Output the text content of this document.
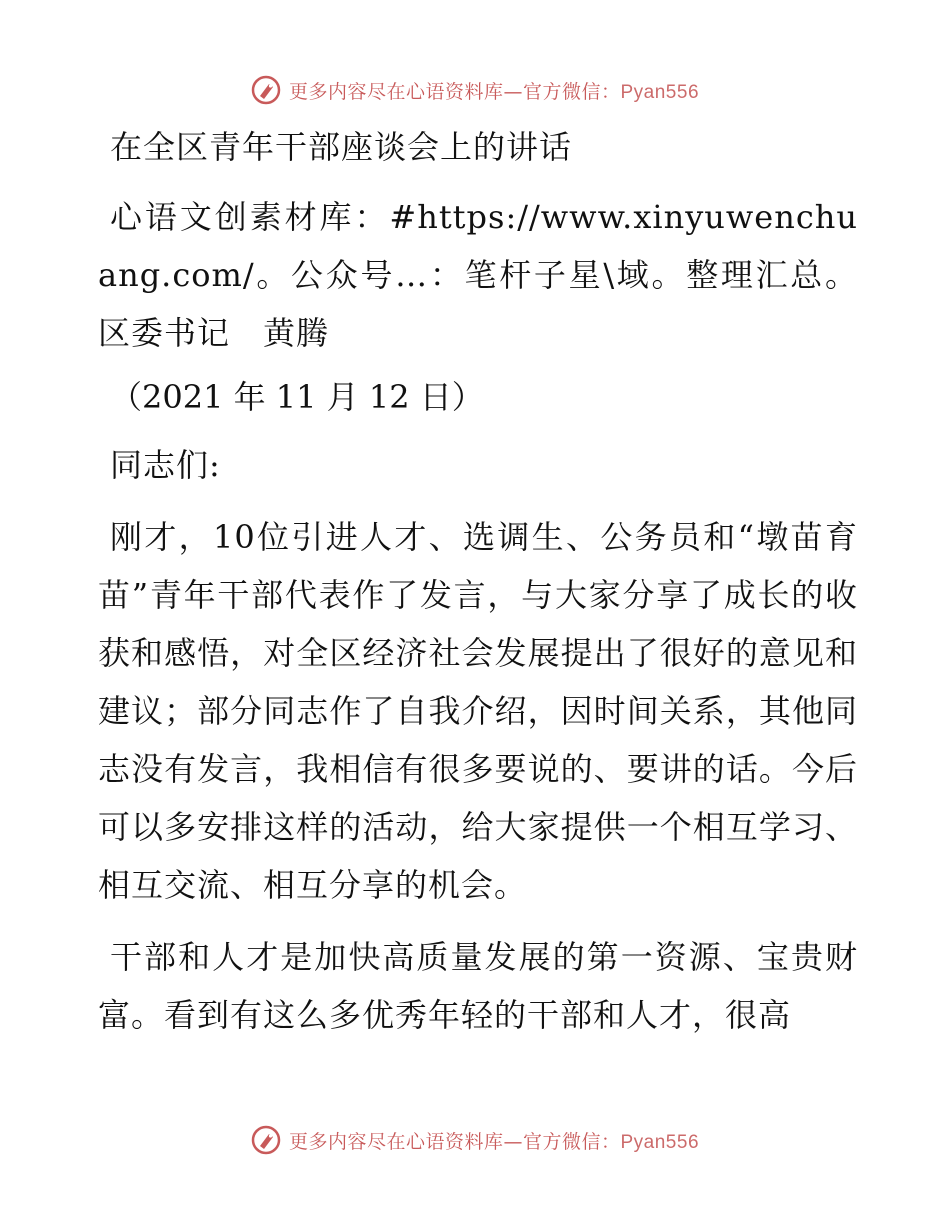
更多内容尽在心语资料库—官方微信：Pyan556

在全区青年干部座谈会上的讲话

心语文创素材库：#https://www.xinyuwenchuang.com/。公众号…：笔杆子星\域。整理汇总。区委书记　黄腾

（2021 年 11 月 12 日）

同志们:

刚才，10位引进人才、选调生、公务员和“墩苗育苗”青年干部代表作了发言，与大家分享了成长的收获和感悟，对全区经济社会发展提出了很好的意见和建议；部分同志作了自我介绍，因时间关系，其他同志没有发言，我相信有很多要说的、要讲的话。今后可以多安排这样的活动，给大家提供一个相互学习、相互交流、相互分享的机会。

干部和人才是加快高质量发展的第一资源、宝贵财富。看到有这么多优秀年轻的干部和人才，很高

更多内容尽在心语资料库—官方微信：Pyan556
